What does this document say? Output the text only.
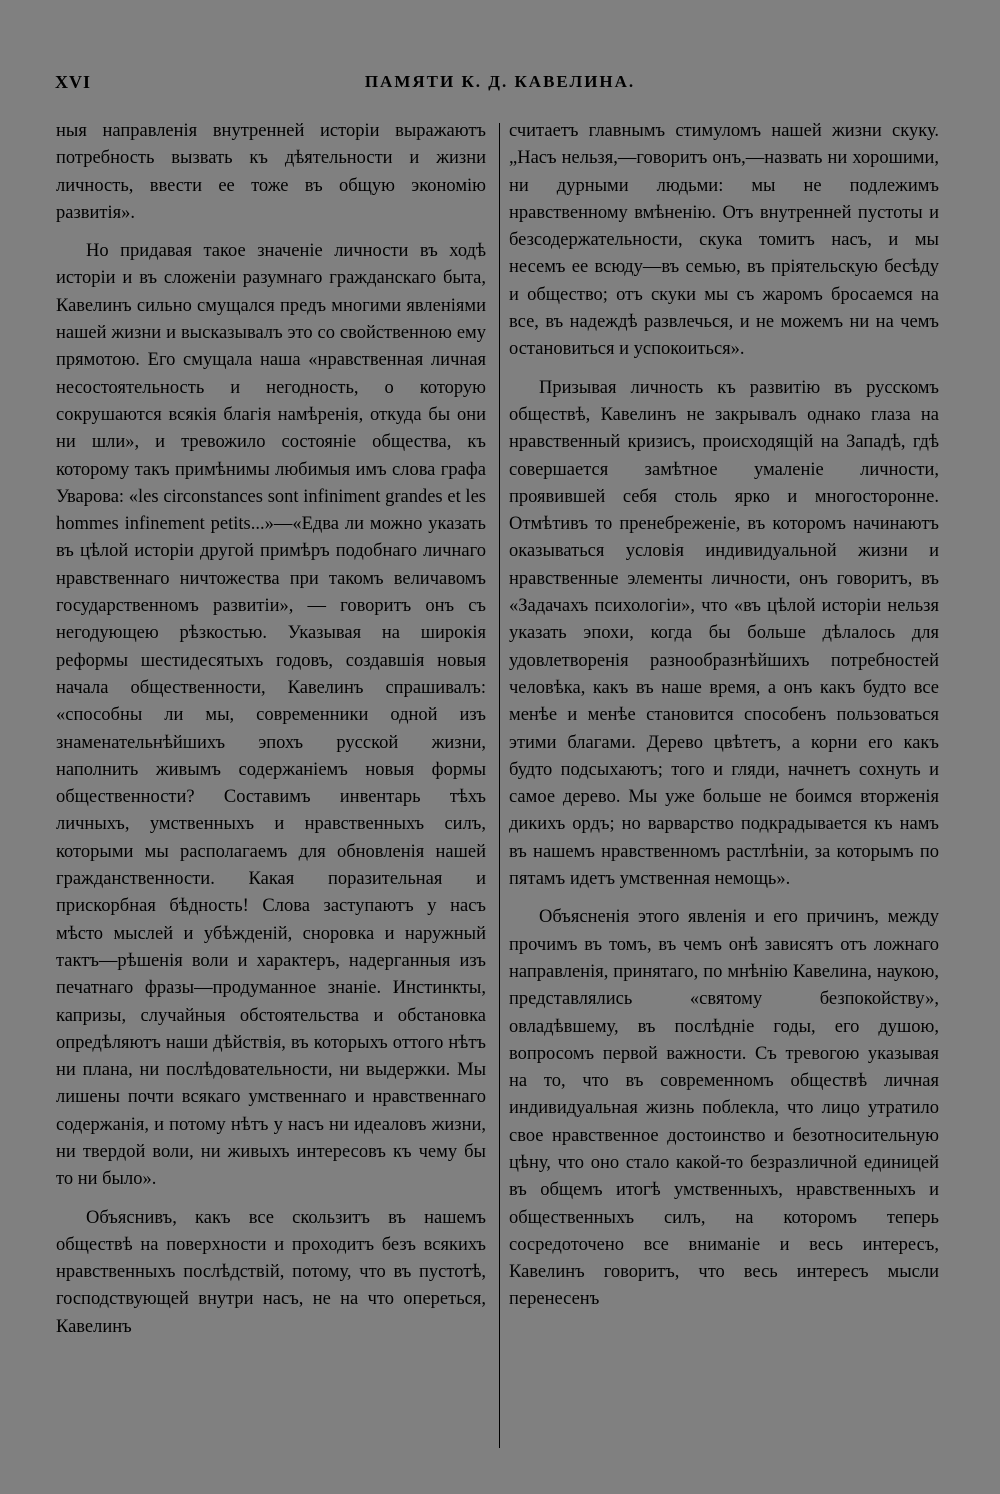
XVI	ПАМЯТИ К. Д. КАВЕЛИНА.

ныя направленія внутренней исторіи выражаютъ потребность вызвать къ дѣятельности и жизни личность, ввести ее тоже въ общую экономію развитія».

Но придавая такое значеніе личности въ ходѣ исторіи и въ сложеніи разумнаго гражданскаго быта, Кавелинъ сильно смущался предъ многими явленіями нашей жизни и высказывалъ это со свойственною ему прямотою. Его смущала наша «нравственная личная несостоятельность и негодность, о которую сокрушаются всякія благія намѣренія, откуда бы они ни шли», и тревожило состояніе общества, къ которому такъ примѣнимы любимыя имъ слова графа Уварова: «les circonstances sont infiniment grandes et les hommes infinement petits...»—«Едва ли можно указать въ цѣлой исторіи другой примѣръ подобнаго личнаго нравственнаго ничтожества при такомъ величавомъ государственномъ развитіи», — говоритъ онъ съ негодующею рѣзкостью. Указывая на широкія реформы шестидесятыхъ годовъ, создавшія новыя начала общественности, Кавелинъ спрашивалъ: «способны ли мы, современники одной изъ знаменательнѣйшихъ эпохъ русской жизни, наполнить живымъ содержаніемъ новыя формы общественности? Составимъ инвентарь тѣхъ личныхъ, умственныхъ и нравственныхъ силъ, которыми мы располагаемъ для обновленія нашей гражданственности. Какая поразительная и прискорбная бѣдность! Слова заступаютъ у насъ мѣсто мыслей и убѣжденій, сноровка и наружный тактъ—рѣшенія воли и характеръ, надерганныя изъ печатнаго фразы—продуманное знаніе. Инстинкты, капризы, случайныя обстоятельства и обстановка опредѣляютъ наши дѣйствія, въ которыхъ оттого нѣтъ ни плана, ни послѣдовательности, ни выдержки. Мы лишены почти всякаго умственнаго и нравственнаго содержанія, и потому нѣтъ у насъ ни идеаловъ жизни, ни твердой воли, ни живыхъ интересовъ къ чему бы то ни было».

Объяснивъ, какъ все скользитъ въ нашемъ обществѣ на поверхности и проходитъ безъ всякихъ нравственныхъ послѣдствій, потому, что въ пустотѣ, господствующей внутри насъ, не на что опереться, Кавелинъ

считаетъ главнымъ стимуломъ нашей жизни скуку. „Насъ нельзя,—говоритъ онъ,—назвать ни хорошими, ни дурными людьми: мы не подлежимъ нравственному вмѣненію. Отъ внутренней пустоты и безсодержательности, скука томитъ насъ, и мы несемъ ее всюду—въ семью, въ пріятельскую бесѣду и общество; отъ скуки мы съ жаромъ бросаемся на все, въ надеждѣ развлечься, и не можемъ ни на чемъ остановиться и успокоиться».

Призывая личность къ развитію въ русскомъ обществѣ, Кавелинъ не закрывалъ однако глаза на нравственный кризисъ, происходящій на Западѣ, гдѣ совершается замѣтное умаленіе личности, проявившей себя столь ярко и многосторонне. Отмѣтивъ то пренебреженіе, въ которомъ начинаютъ оказываться условія индивидуальной жизни и нравственные элементы личности, онъ говоритъ, въ «Задачахъ психологіи», что «въ цѣлой исторіи нельзя указать эпохи, когда бы больше дѣлалось для удовлетворенія разнообразнѣйшихъ потребностей человѣка, какъ въ наше время, а онъ какъ будто все менѣе и менѣе становится способенъ пользоваться этими благами. Дерево цвѣтетъ, а корни его какъ будто подсыхаютъ; того и гляди, начнетъ сохнуть и самое дерево. Мы уже больше не боимся вторженія дикихъ ордъ; но варварство подкрадывается къ намъ въ нашемъ нравственномъ растлѣніи, за которымъ по пятамъ идетъ умственная немощь».

Объясненія этого явленія и его причинъ, между прочимъ въ томъ, въ чемъ онѣ зависятъ отъ ложнаго направленія, принятаго, по мнѣнію Кавелина, наукою, представлялись «святому безпокойству», овладѣвшему, въ послѣдніе годы, его душою, вопросомъ первой важности. Съ тревогою указывая на то, что въ современномъ обществѣ личная индивидуальная жизнь поблекла, что лицо утратило свое нравственное достоинство и безотносительную цѣну, что оно стало какой-то безразличной единицей въ общемъ итогѣ умственныхъ, нравственныхъ и общественныхъ силъ, на которомъ теперь сосредоточено все вниманіе и весь интересъ, Кавелинъ говоритъ, что весь интересъ мысли перенесенъ
